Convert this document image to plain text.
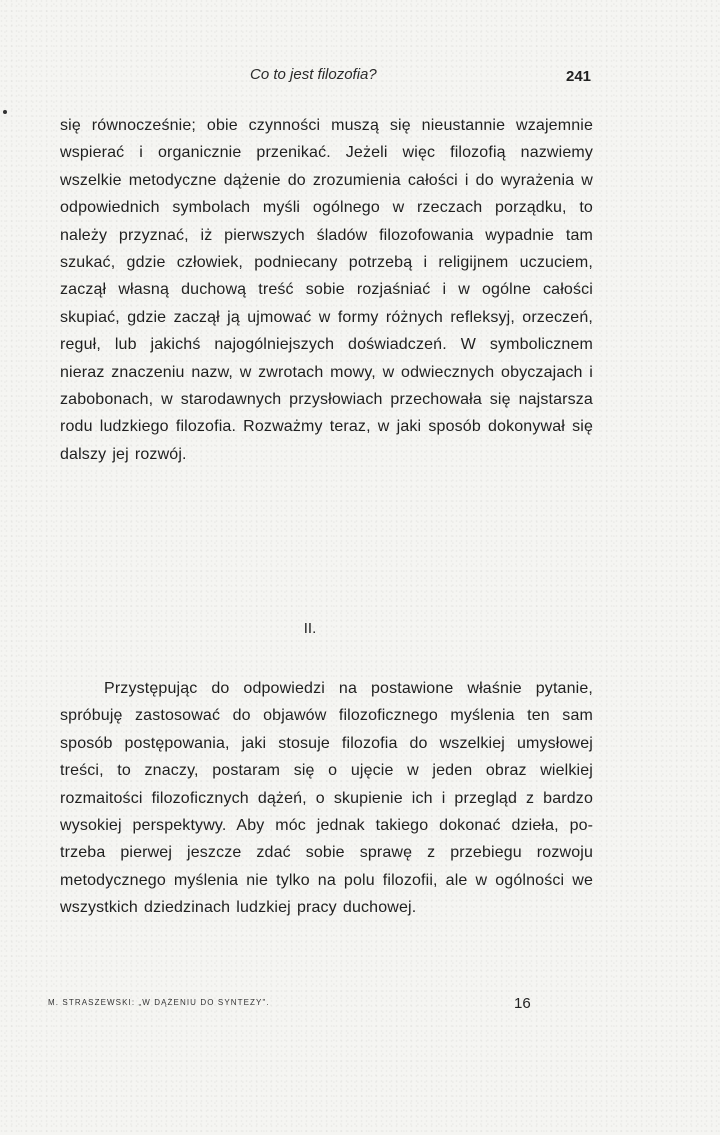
Co to jest filozofia?	241

się równocześnie; obie czynności muszą się nieustannie wzajemnie wspierać i organicznie przenikać. Jeżeli więc filozofią nazwiemy wszelkie metodyczne dążenie do zrozumienia całości i do wyrażenia w odpowiednich symbolach myśli ogólnego w rzeczach porządku, to należy przyznać, iż pierwszych śladów filozofowania wypadnie tam szukać, gdzie człowiek, podniecany potrzebą i religijnem uczuciem, zaczął własną duchową treść sobie rozjaśniać i w ogólne całości skupiać, gdzie zaczął ją ujmować w formy różnych refleksyj, orzeczeń, reguł, lub jakichś najogólniejszych doświadczeń. W symbolicznem nieraz znaczeniu nazw, w zwrotach mowy, w odwiecznych obyczajach i zabobonach, w starodawnych przysłowiach przechowała się najstarsza rodu ludzkiego filozofia. Rozważmy teraz, w jaki sposób dokonywał się dalszy jej rozwój.

II.

Przystępując do odpowiedzi na postawione właśnie pytanie, spróbuję zastosować do objawów filozoficznego myślenia ten sam sposób postępowania, jaki stosuje filozofia do wszelkiej umysłowej treści, to znaczy, postaram się o ujęcie w jeden obraz wielkiej rozmaitości filozoficznych dążeń, o skupienie ich i przegląd z bardzo wysokiej perspektywy. Aby móc jednak takiego dokonać dzieła, potrzeba pierwej jeszcze zdać sobie sprawę z przebiegu rozwoju metodycznego myślenia nie tylko na polu filozofii, ale w ogólności we wszystkich dziedzinach ludzkiej pracy duchowej.

M. STRASZEWSKI: „W DĄŻENIU DO SYNTEZY".	16
